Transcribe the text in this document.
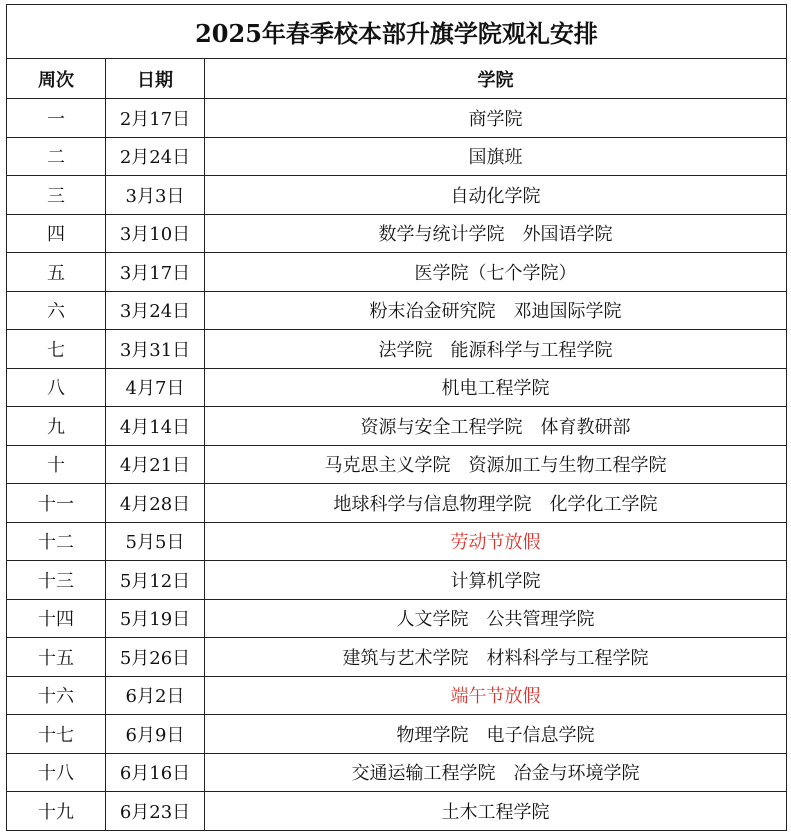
2025年春季校本部升旗学院观礼安排		
周次	日期	学院
一	2月17日	商学院
二	2月24日	国旗班
三	3月3日	自动化学院
四	3月10日	数学与统计学院 外国语学院
五	3月17日	医学院（七个学院）
六	3月24日	粉末冶金研究院 邓迪国际学院
七	3月31日	法学院 能源科学与工程学院
八	4月7日	机电工程学院
九	4月14日	资源与安全工程学院 体育教研部
十	4月21日	马克思主义学院 资源加工与生物工程学院
十一	4月28日	地球科学与信息物理学院 化学化工学院
十二	5月5日	劳动节放假
十三	5月12日	计算机学院
十四	5月19日	人文学院 公共管理学院
十五	5月26日	建筑与艺术学院 材料科学与工程学院
十六	6月2日	端午节放假
十七	6月9日	物理学院 电子信息学院
十八	6月16日	交通运输工程学院 冶金与环境学院
十九	6月23日	土木工程学院
